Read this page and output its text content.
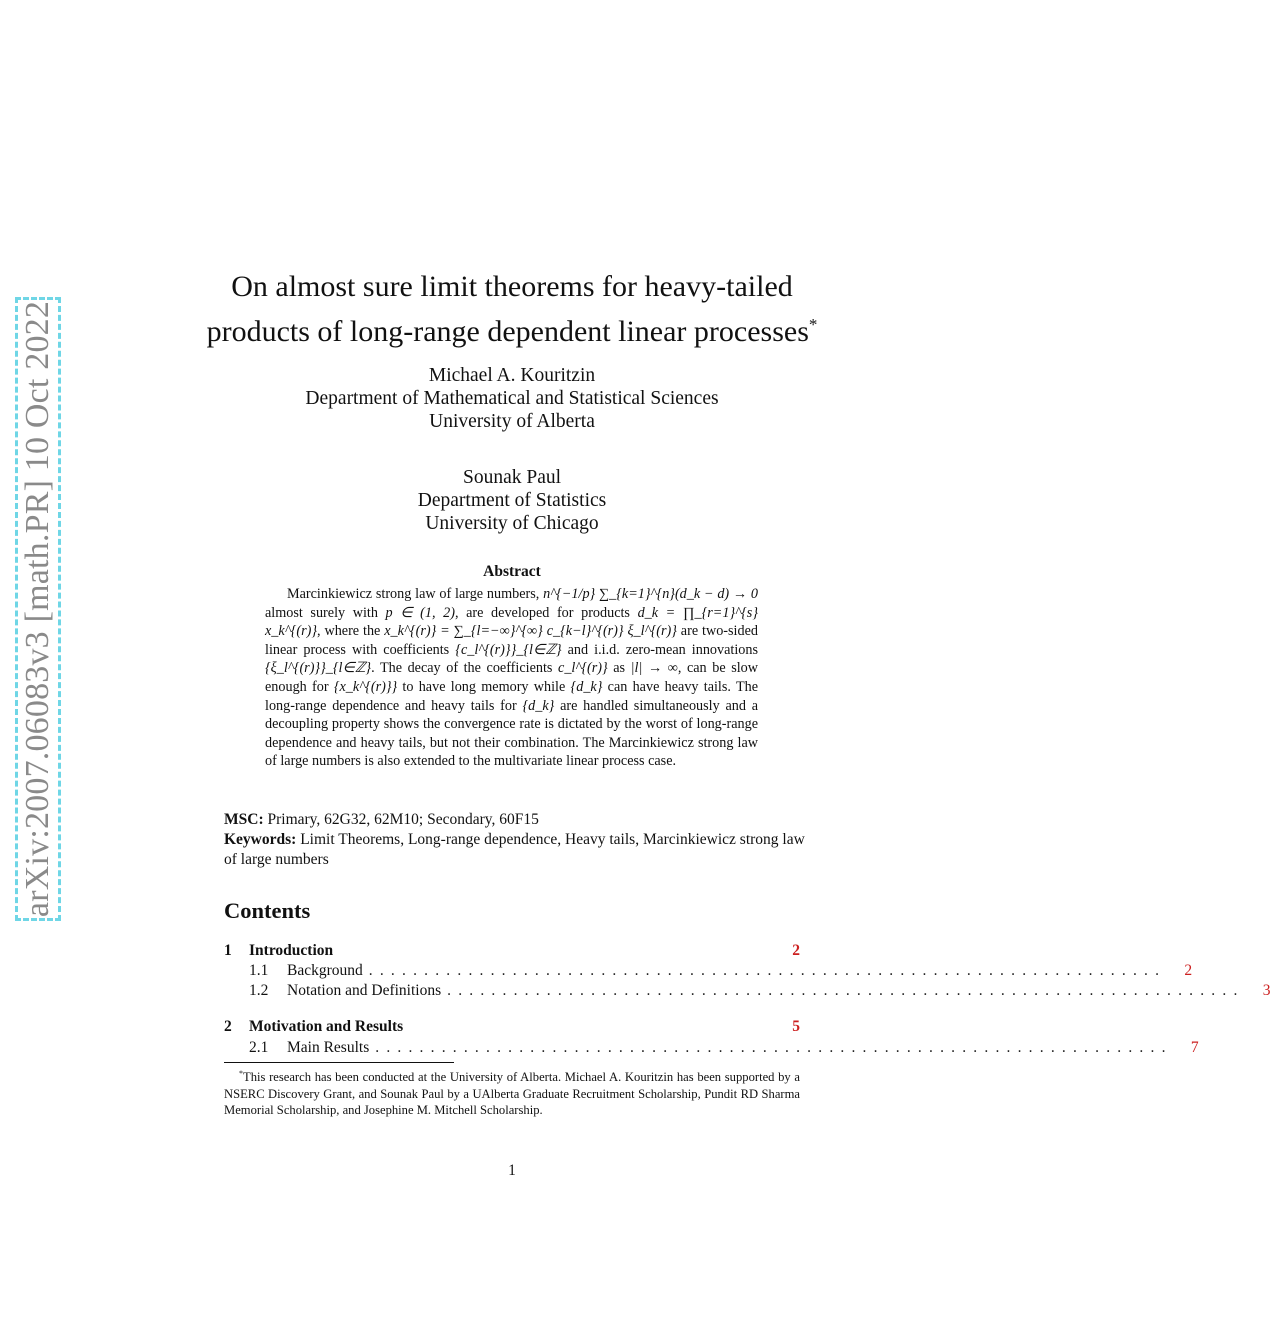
arXiv:2007.06083v3 [math.PR] 10 Oct 2022
On almost sure limit theorems for heavy-tailed
products of long-range dependent linear processes*
Michael A. Kouritzin
Department of Mathematical and Statistical Sciences
University of Alberta
Sounak Paul
Department of Statistics
University of Chicago
Abstract
Marcinkiewicz strong law of large numbers, n^{−1/p} ∑_{k=1}^{n}(d_k − d) → 0 almost surely with p ∈ (1, 2), are developed for products d_k = ∏_{r=1}^{s} x_k^{(r)}, where the x_k^{(r)} = ∑_{l=−∞}^{∞} c_{k−l}^{(r)} ξ_l^{(r)} are two-sided linear process with coefficients {c_l^{(r)}}_{l∈ℤ} and i.i.d. zero-mean innovations {ξ_l^{(r)}}_{l∈ℤ}. The decay of the coefficients c_l^{(r)} as |l| → ∞, can be slow enough for {x_k^{(r)}} to have long memory while {d_k} can have heavy tails. The long-range dependence and heavy tails for {d_k} are handled simultaneously and a decoupling property shows the convergence rate is dictated by the worst of long-range dependence and heavy tails, but not their combination. The Marcinkiewicz strong law of large numbers is also extended to the multivariate linear process case.
MSC: Primary, 62G32, 62M10; Secondary, 60F15
Keywords: Limit Theorems, Long-range dependence, Heavy tails, Marcinkiewicz strong law of large numbers
Contents
1	Introduction	2
1.1	Background ........................................................................	2
1.2	Notation and Definitions ........................................................................	3
2	Motivation and Results	5
2.1	Main Results ........................................................................	7
*This research has been conducted at the University of Alberta. Michael A. Kouritzin has been supported by a NSERC Discovery Grant, and Sounak Paul by a UAlberta Graduate Recruitment Scholarship, Pundit RD Sharma Memorial Scholarship, and Josephine M. Mitchell Scholarship.
1
